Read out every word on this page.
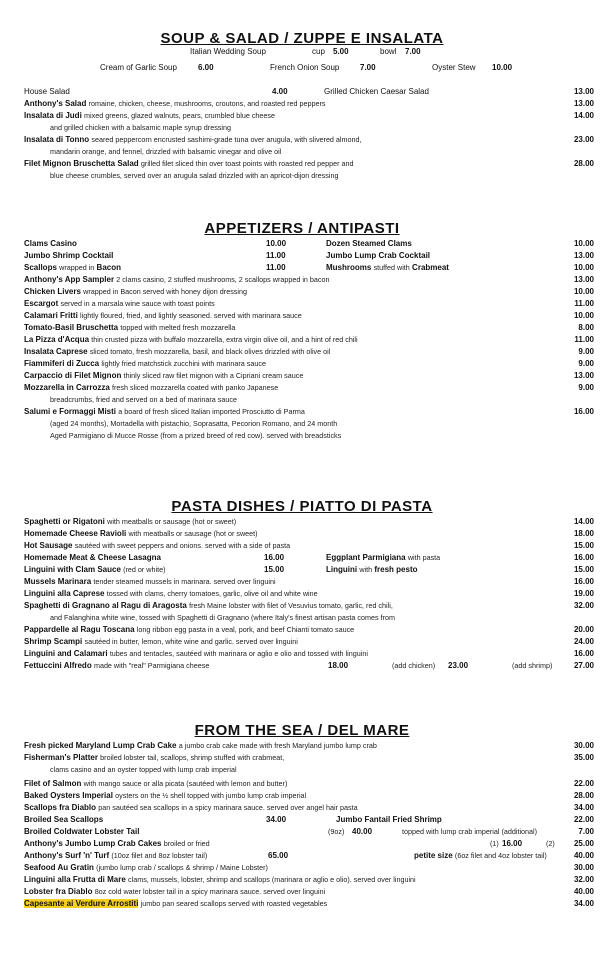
SOUP & SALAD / ZUPPE E INSALATA
Italian Wedding Soup	cup 5.00	bowl 7.00
Cream of Garlic Soup	6.00	French Onion Soup	7.00	Oyster Stew 10.00
House Salad	4.00	Grilled Chicken Caesar Salad	13.00
Anthony's Salad romaine, chicken, cheese, mushrooms, croutons, and roasted red peppers	13.00
Insalata di Judi mixed greens, glazed walnuts, pears, crumbled blue cheese	14.00
and grilled chicken with a balsamic maple syrup dressing
Insalata di Tonno seared peppercorn encrusted sashimi-grade tuna over arugula, with slivered almond,	23.00
mandarin orange, and fennel, drizzled with balsamic vinegar and olive oil
Filet Mignon Bruschetta Salad grilled filet sliced thin over toast points with roasted red pepper and	28.00
blue cheese crumbles, served over an arugula salad drizzled with an apricot-dijon dressing
APPETIZERS / ANTIPASTI
Clams Casino	10.00	Dozen Steamed Clams	10.00
Jumbo Shrimp Cocktail	11.00	Jumbo Lump Crab Cocktail	13.00
Scallops wrapped in Bacon	11.00	Mushrooms stuffed with Crabmeat	10.00
Anthony's App Sampler 2 clams casino, 2 stuffed mushrooms, 2 scallops wrapped in bacon	13.00
Chicken Livers wrapped in Bacon served with honey dijon dressing	10.00
Escargot served in a marsala wine sauce with toast points	11.00
Calamari Fritti lightly floured, fried, and lightly seasoned. served with marinara sauce	10.00
Tomato-Basil Bruschetta topped with melted fresh mozzarella	8.00
La Pizza d'Acqua thin crusted pizza with buffalo mozzarella, extra virgin olive oil, and a hint of red chili	11.00
Insalata Caprese sliced tomato, fresh mozzarella, basil, and black olives drizzled with olive oil	9.00
Fiammiferi di Zucca lightly fried matchstick zucchini with marinara sauce	9.00
Carpaccio di Filet Mignon thinly sliced raw filet mignon with a Cipriani cream sauce	13.00
Mozzarella in Carrozza fresh sliced mozzarella coated with panko Japanese	9.00
breadcrumbs, fried and served on a bed of marinara sauce
Salumi e Formaggi Misti a board of fresh sliced Italian imported Prosciutto di Parma	16.00
(aged 24 months), Mortadella with pistachio, Soprasatta, Pecorion Romano, and 24 month
Aged Parmigiano di Mucce Rosse (from a prized breed of red cow). served with breadsticks
PASTA DISHES / PIATTO DI PASTA
Spaghetti or Rigatoni with meatballs or sausage (hot or sweet)	14.00
Homemade Cheese Ravioli with meatballs or sausage (hot or sweet)	18.00
Hot Sausage sautéed with sweet peppers and onions. served with a side of pasta	15.00
Homemade Meat & Cheese Lasagna	16.00	Eggplant Parmigiana with pasta	16.00
Linguini with Clam Sauce (red or white)	15.00	Linguini with fresh pesto	15.00
Mussels Marinara tender steamed mussels in marinara. served over linguini	16.00
Linguini alla Caprese tossed with clams, cherry tomatoes, garlic, olive oil and white wine	19.00
Spaghetti di Gragnano al Ragu di Aragosta fresh Maine lobster with filet of Vesuvius tomato, garlic, red chili,	32.00
and Falanghina white wine, tossed with Spaghetti di Gragnano (where Italy's finest artisan pasta comes from
Pappardelle al Ragu Toscana long ribbon egg pasta in a veal, pork, and beef Chianti tomato sauce	20.00
Shrimp Scampi sautéed in butter, lemon, white wine and garlic. served over linguini	24.00
Linguini and Calamari tubes and tentacles, sautéed with marinara or aglio e olio and tossed with linguini	16.00
Fettuccini Alfredo made with "real" Parmigiana cheese	18.00	(add chicken) 23.00	(add shrimp)	27.00
FROM THE SEA / DEL MARE
Fresh picked Maryland Lump Crab Cake a jumbo crab cake made with fresh Maryland jumbo lump crab	30.00
Fisherman's Platter broiled lobster tail, scallops, shrimp stuffed with crabmeat,	35.00
clams casino and an oyster topped with lump crab imperial
Filet of Salmon with mango sauce or alla picata (sautéed with lemon and butter)	22.00
Baked Oysters Imperial oysters on the ½ shell topped with jumbo lump crab imperial	28.00
Scallops fra Diablo pan sautéed sea scallops in a spicy marinara sauce. served over angel hair pasta	34.00
Broiled Sea Scallops	34.00	Jumbo Fantail Fried Shrimp	22.00
Broiled Coldwater Lobster Tail	(9oz) 40.00	topped with lump crab imperial (additional)	7.00
Anthony's Jumbo Lump Crab Cakes broiled or fried	(1) 16.00	(2) 25.00
Anthony's Surf 'n' Turf (10oz filet and 8oz lobster tail)	65.00	petite size (6oz filet and 4oz lobster tail)	40.00
Seafood Au Gratin (jumbo lump crab / scallops & shrimp / Maine Lobster)	30.00
Linguini alla Frutta di Mare clams, mussels, lobster, shrimp and scallops (marinara or aglio e olio). served over linguini	32.00
Lobster fra Diablo 8oz cold water lobster tail in a spicy marinara sauce. served over linguini	40.00
Capesante ai Verdure Arrostiti jumbo pan seared scallops served with roasted vegetables	34.00
